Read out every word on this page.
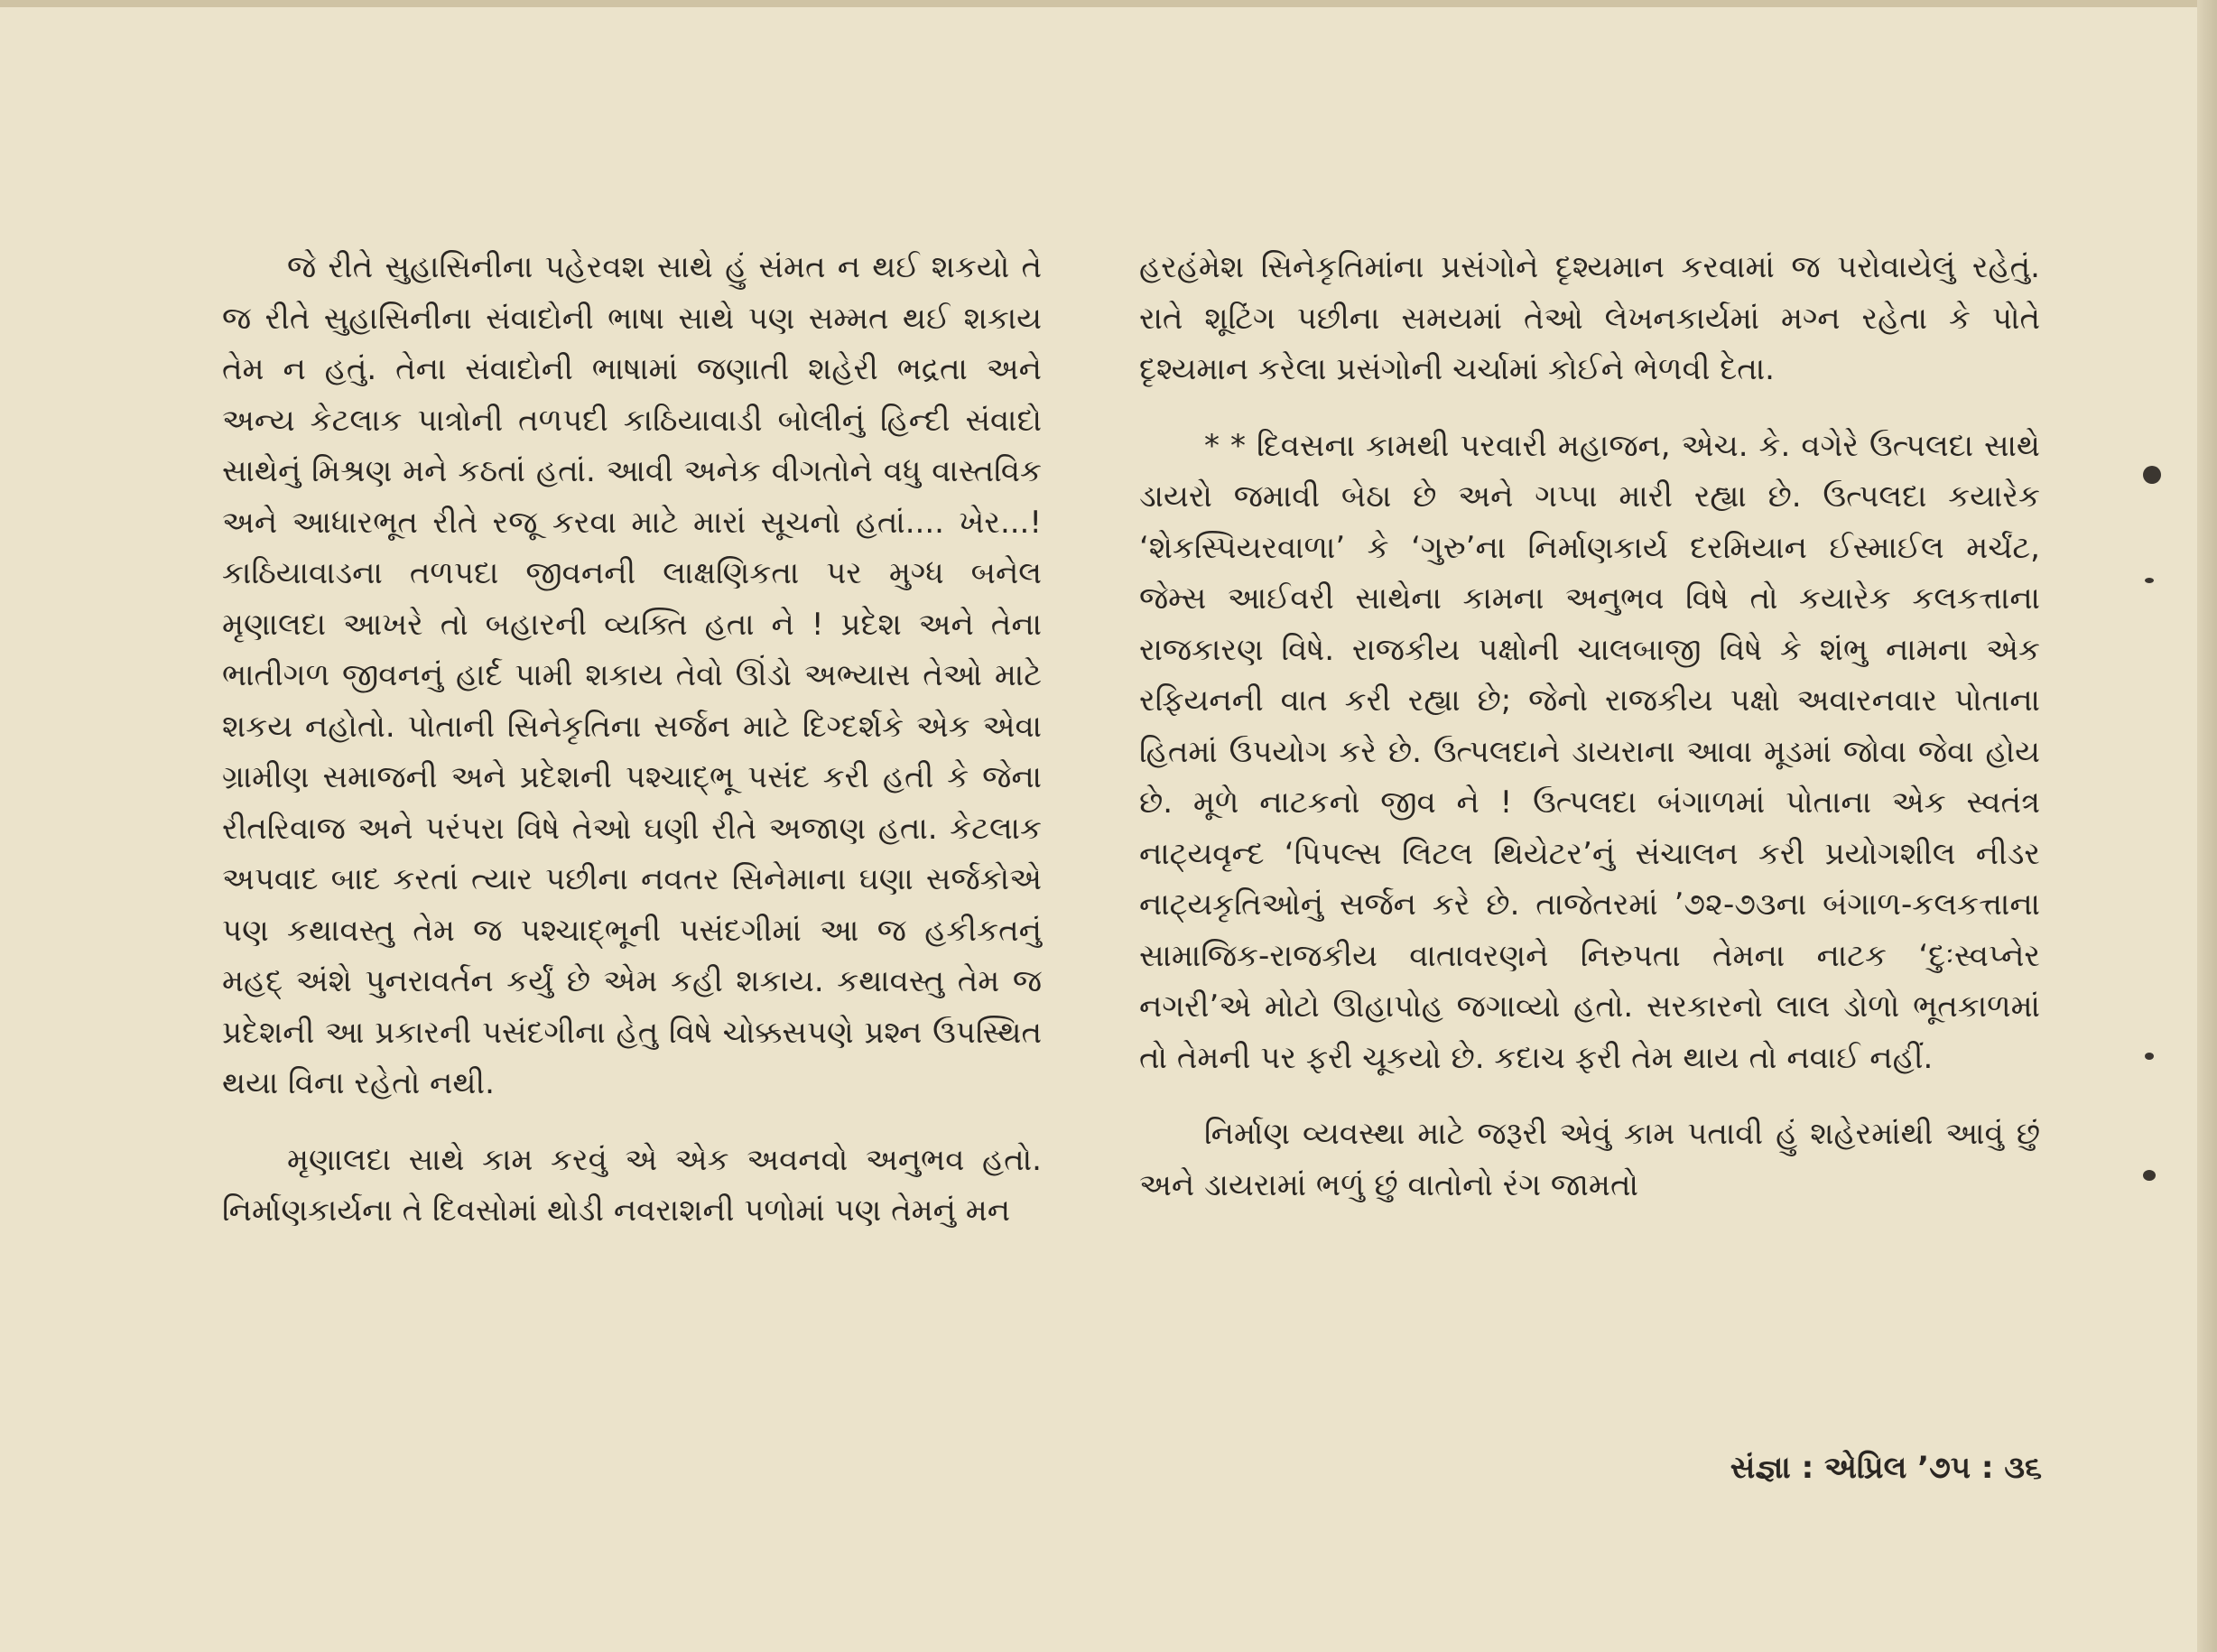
જે રીતે સુહાસિનીના પહેરવશ સાથે હું સંમત ન થઈ શકયો તે જ રીતે સુહાસિનીના સંવાદોની ભાષા સાથે પણ સમ્મત થઈ શકાય તેમ ન હતું. તેના સંવાદોની ભાષામાં જણાતી શહેરી ભદ્રતા અને અન્ય કેટલાક પાત્રોની તળપદી કાઠિયાવાડી બોલીનું હિન્દી સંવાદો સાથેનું મિશ્રણ મને કઠતાં હતાં. આવી અનેક વીગતોને વધુ વાસ્તવિક અને આધારભૂત રીતે રજૂ કરવા માટે મારાં સૂચનો હતાં.... ખેર...! કાઠિયાવાડના તળપદા જીવનની લાક્ષણિકતા પર મુગ્ધ બનેલ મૃણાલદા આખરે તો બહારની વ્યક્તિ હતા ને ! પ્રદેશ અને તેના ભાતીગળ જીવનનું હાર્દ પામી શકાય તેવો ઊંડો અભ્યાસ તેઓ માટે શકય નહોતો. પોતાની સિનેકૃતિના સર્જન માટે દિગ્દર્શકે એક એવા ગ્રામીણ સમાજની અને પ્રદેશની પશ્ચાદ્ભૂ પસંદ કરી હતી કે જેના રીતરિવાજ અને પરંપરા વિષે તેઓ ઘણી રીતે અજાણ હતા. કેટલાક અપવાદ બાદ કરતાં ત્યાર પછીના નવતર સિનેમાના ઘણા સર્જકોએ પણ કથાવસ્તુ તેમ જ પશ્ચાદ્ભૂની પસંદગીમાં આ જ હકીકતનું મહદ્ અંશે પુનરાવર્તન કર્યું છે એમ કહી શકાય. કથાવસ્તુ તેમ જ પ્રદેશની આ પ્રકારની પસંદગીના હેતુ વિષે ચોક્કસપણે પ્રશ્ન ઉપસ્થિત થયા વિના રહેતો નથી.

મૃણાલદા સાથે કામ કરવું એ એક અવનવો અનુભવ હતો. નિર્માણકાર્યના તે દિવસોમાં થોડી નવરાશની પળોમાં પણ તેમનું મન

હરહંમેશ સિનેકૃતિમાંના પ્રસંગોને દૃશ્યમાન કરવામાં જ પરોવાયેલું રહેતું. રાતે શૂટિંગ પછીના સમયમાં તેઓ લેખનકાર્યમાં મગ્ન રહેતા કે પોતે દૃશ્યમાન કરેલા પ્રસંગોની ચર્ચામાં કોઈને ભેળવી દેતા.

* * દિવસના કામથી પરવારી મહાજન, એચ. કે. વગેરે ઉત્પલદા સાથે ડાયરો જમાવી બેઠા છે અને ગપ્પા મારી રહ્યા છે. ઉત્પલદા કયારેક ‘શેકસ્પિયરવાળા’ કે ‘ગુરુ’ના નિર્માણકાર્ય દરમિયાન ઈસ્માઈલ મર્ચંટ, જેમ્સ આઈવરી સાથેના કામના અનુભવ વિષે તો કયારેક કલકત્તાના રાજકારણ વિષે. રાજકીય પક્ષોની ચાલબાજી વિષે કે શંભુ નામના એક રફિયનની વાત કરી રહ્યા છે; જેનો રાજકીય પક્ષો અવારનવાર પોતાના હિતમાં ઉપયોગ કરે છે. ઉત્પલદાને ડાયરાના આવા મૂડમાં જોવા જેવા હોય છે. મૂળે નાટકનો જીવ ને ! ઉત્પલદા બંગાળમાં પોતાના એક સ્વતંત્ર નાટ્યવૃન્દ ‘પિપલ્સ લિટલ થિયેટર’નું સંચાલન કરી પ્રયોગશીલ નીડર નાટ્યકૃતિઓનું સર્જન કરે છે. તાજેતરમાં ’૭૨-૭૩ના બંગાળ-કલકત્તાના સામાજિક-રાજકીય વાતાવરણને નિરુપતા તેમના નાટક ‘દુઃસ્વપ્નેર નગરી’એ મોટો ઊહાપોહ જગાવ્યો હતો. સરકારનો લાલ ડોળો ભૂતકાળમાં તો તેમની પર ફરી ચૂકયો છે. કદાચ ફરી તેમ થાય તો નવાઈ નહીં.

નિર્માણ વ્યવસ્થા માટે જરૂરી એવું કામ પતાવી હું શહેરમાંથી આવું છું અને ડાયરામાં ભળું છું વાતોનો રંગ જામતો

સંજ્ઞા : એપ્રિલ ’૭૫ : ૩૬
